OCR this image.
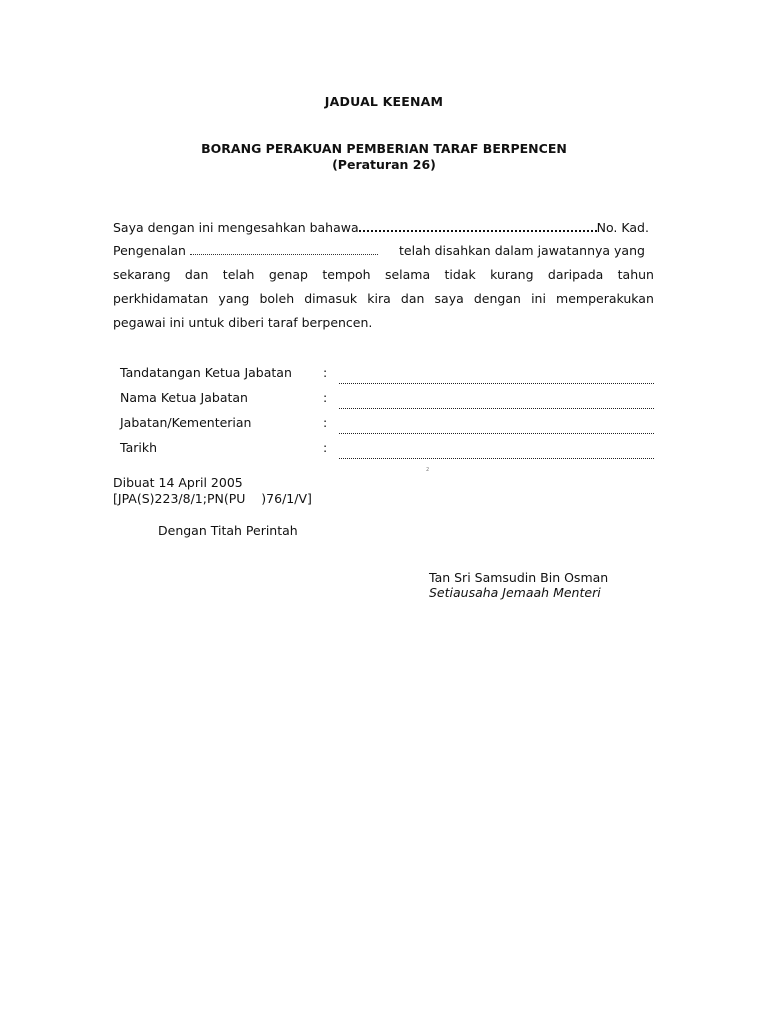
JADUAL KEENAM
BORANG PERAKUAN PEMBERIAN TARAF BERPENCEN
(Peraturan 26)
Saya dengan ini mengesahkan bahawa	No. Kad.
Pengenalan	telah disahkan dalam jawatannya yang
sekarang dan telah genap tempoh selama tidak kurang daripada tahun
perkhidamatan yang boleh dimasuk kira dan saya dengan ini memperakukan
pegawai ini untuk diberi taraf berpencen.
Tandatangan Ketua Jabatan :
Nama Ketua Jabatan	:
Jabatan/Kementerian	:
Tarikh	:
2
Dibuat 14 April 2005
[JPA(S)223/8/1;PN(PU    )76/1/V]
Dengan Titah Perintah
Tan Sri Samsudin Bin Osman
Setiausaha Jemaah Menteri
